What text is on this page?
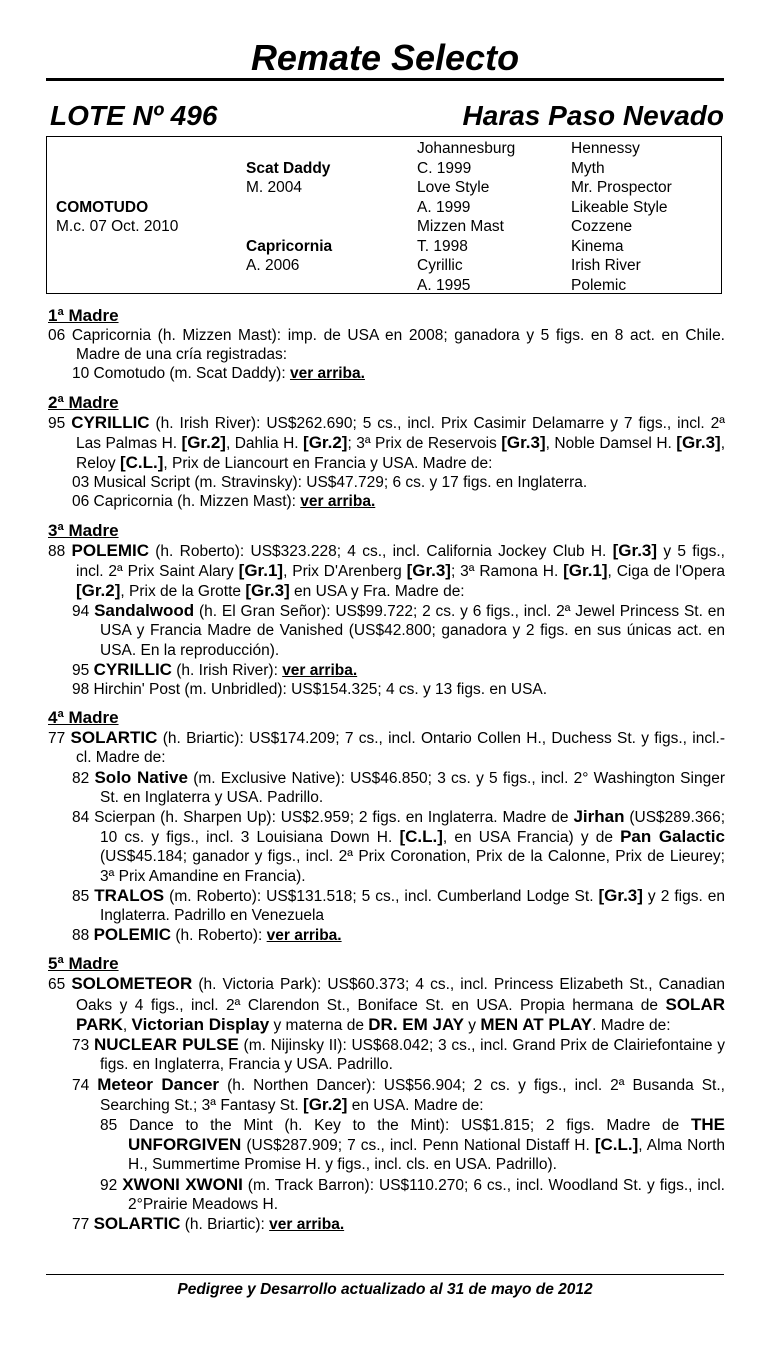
Remate Selecto
LOTE Nº 496	Haras Paso Nevado
COMOTUDO
M.c. 07 Oct. 2010
Scat Daddy
M. 2004
Capricornia
A. 2006
Johannesburg
C. 1999
Love Style
A. 1999
Mizzen Mast
T. 1998
Cyrillic
A. 1995
Hennessy
Myth
Mr. Prospector
Likeable Style
Cozzene
Kinema
Irish River
Polemic
1ª Madre
06 Capricornia (h. Mizzen Mast): imp. de USA en 2008; ganadora y 5 figs. en 8 act. en Chile. Madre de una cría registradas:
10 Comotudo (m. Scat Daddy): ver arriba.
2ª Madre
95 CYRILLIC (h. Irish River): US$262.690; 5 cs., incl. Prix Casimir Delamarre y 7 figs., incl. 2ª Las Palmas H. [Gr.2], Dahlia H. [Gr.2]; 3ª Prix de Reservois [Gr.3], Noble Damsel H. [Gr.3], Reloy [C.L.], Prix de Liancourt en Francia y USA. Madre de:
03 Musical Script (m. Stravinsky): US$47.729; 6 cs. y 17 figs. en Inglaterra.
06 Capricornia (h. Mizzen Mast): ver arriba.
3ª Madre
88 POLEMIC (h. Roberto): US$323.228; 4 cs., incl. California Jockey Club H. [Gr.3] y 5 figs., incl. 2ª Prix Saint Alary [Gr.1], Prix D'Arenberg [Gr.3]; 3ª Ramona H. [Gr.1], Ciga de l'Opera [Gr.2], Prix de la Grotte [Gr.3] en USA y Fra. Madre de:
94 Sandalwood (h. El Gran Señor): US$99.722; 2 cs. y 6 figs., incl. 2ª Jewel Princess St. en USA y Francia Madre de Vanished (US$42.800; ganadora y 2 figs. en sus únicas act. en USA. En la reproducción).
95 CYRILLIC (h. Irish River): ver arriba.
98 Hirchin' Post (m. Unbridled): US$154.325; 4 cs. y 13 figs. en USA.
4ª Madre
77 SOLARTIC (h. Briartic): US$174.209; 7 cs., incl. Ontario Collen H., Duchess St. y figs., incl.- cl. Madre de:
82 Solo Native (m. Exclusive Native): US$46.850; 3 cs. y 5 figs., incl. 2° Washington Singer St. en Inglaterra y USA. Padrillo.
84 Scierpan (h. Sharpen Up): US$2.959; 2 figs. en Inglaterra. Madre de Jirhan (US$289.366; 10 cs. y figs., incl. 3 Louisiana Down H. [C.L.], en USA Francia) y de Pan Galactic (US$45.184; ganador y figs., incl. 2ª Prix Coronation, Prix de la Calonne, Prix de Lieurey; 3ª Prix Amandine en Francia).
85 TRALOS (m. Roberto): US$131.518; 5 cs., incl. Cumberland Lodge St. [Gr.3] y 2 figs. en Inglaterra. Padrillo en Venezuela
88 POLEMIC (h. Roberto): ver arriba.
5ª Madre
65 SOLOMETEOR (h. Victoria Park): US$60.373; 4 cs., incl. Princess Elizabeth St., Canadian Oaks y 4 figs., incl. 2ª Clarendon St., Boniface St. en USA. Propia hermana de SOLAR PARK, Victorian Display y materna de DR. EM JAY y MEN AT PLAY. Madre de:
73 NUCLEAR PULSE (m. Nijinsky II): US$68.042; 3 cs., incl. Grand Prix de Clairiefontaine y figs. en Inglaterra, Francia y USA. Padrillo.
74 Meteor Dancer (h. Northen Dancer): US$56.904; 2 cs. y figs., incl. 2ª Busanda St., Searching St.; 3ª Fantasy St. [Gr.2] en USA. Madre de:
85 Dance to the Mint (h. Key to the Mint): US$1.815; 2 figs. Madre de THE UNFORGIVEN (US$287.909; 7 cs., incl. Penn National Distaff H. [C.L.], Alma North H., Summertime Promise H. y figs., incl. cls. en USA. Padrillo).
92 XWONI XWONI (m. Track Barron): US$110.270; 6 cs., incl. Woodland St. y figs., incl. 2°Prairie Meadows H.
77 SOLARTIC (h. Briartic): ver arriba.
Pedigree y Desarrollo actualizado al 31 de mayo de 2012
